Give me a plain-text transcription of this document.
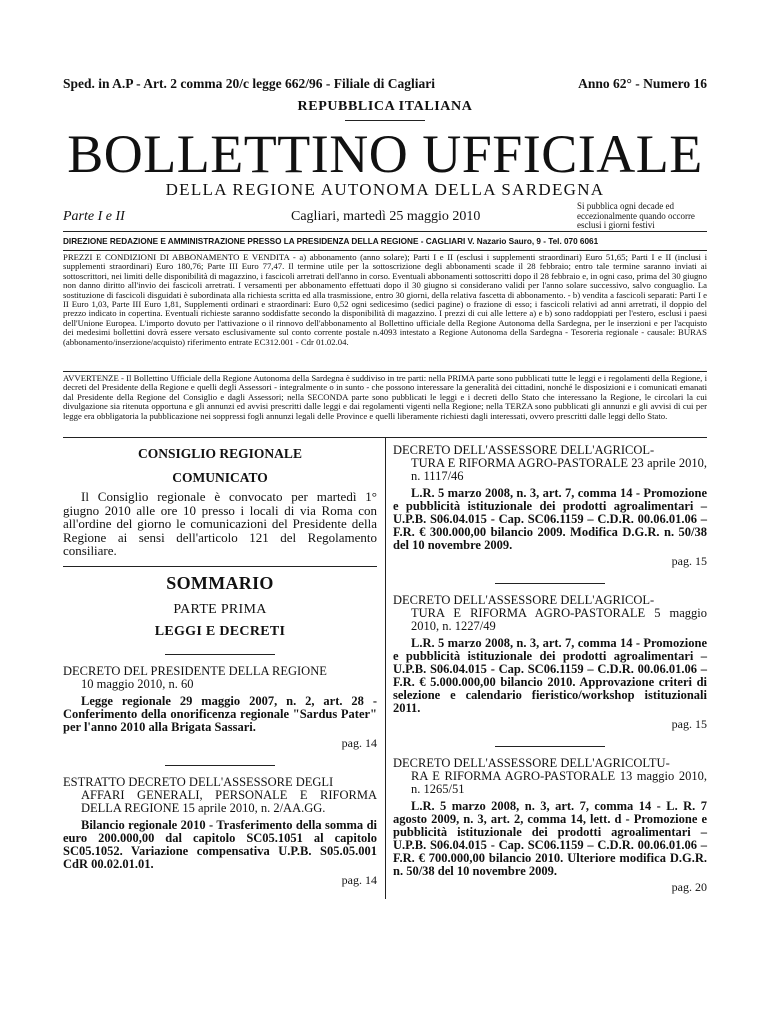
Sped. in A.P - Art. 2 comma 20/c legge 662/96 - Filiale di Cagliari	Anno 62° - Numero 16
REPUBBLICA ITALIANA
BOLLETTINO UFFICIALE
DELLA REGIONE AUTONOMA DELLA SARDEGNA
Parte I e II	Cagliari, martedì 25 maggio 2010
Si pubblica ogni decade ed eccezionalmente quando occorre esclusi i giorni festivi
DIREZIONE REDAZIONE E AMMINISTRAZIONE PRESSO LA PRESIDENZA DELLA REGIONE - CAGLIARI V. Nazario Sauro, 9 - Tel. 070 6061
PREZZI E CONDIZIONI DI ABBONAMENTO E VENDITA - a) abbonamento (anno solare); Parti I e II (esclusi i supplementi straordinari) Euro 51,65; Parti I e II (inclusi i supplementi straordinari) Euro 180,76; Parte III Euro 77,47. Il termine utile per la sottoscrizione degli abbonamenti scade il 28 febbraio; entro tale termine saranno inviati ai sottoscrittori, nei limiti delle disponibilità di magazzino, i fascicoli arretrati dell'anno in corso. Eventuali abbonamenti sottoscritti dopo il 28 febbraio e, in ogni caso, prima del 30 giugno non danno diritto all'invio dei fascicoli arretrati. I versamenti per abbonamento effettuati dopo il 30 giugno si considerano validi per l'anno solare successivo, salvo conguaglio. La sostituzione di fascicoli disguidati è subordinata alla richiesta scritta ed alla trasmissione, entro 30 giorni, della relativa fascetta di abbonamento. - b) vendita a fascicoli separati: Parti I e II Euro 1,03, Parte III Euro 1,81, Supplementi ordinari e straordinari: Euro 0,52 ogni sedicesimo (sedici pagine) o frazione di esso; i fascicoli relativi ad anni arretrati, il doppio del prezzo indicato in copertina. Eventuali richieste saranno soddisfatte secondo la disponibilità di magazzino. I prezzi di cui alle lettere a) e b) sono raddoppiati per l'estero, esclusi i paesi dell'Unione Europea. L'importo dovuto per l'attivazione o il rinnovo dell'abbonamento al Bollettino ufficiale della Regione Autonoma della Sardegna, per le inserzioni e per l'acquisto dei medesimi bollettini dovrà essere versato esclusivamente sul conto corrente postale n.4093 intestato a Regione Autonoma della Sardegna - Tesoreria regionale - causale: BURAS (abbonamento/inserzione/acquisto) riferimento entrate EC312.001 - Cdr 01.02.04.
AVVERTENZE - Il Bollettino Ufficiale della Regione Autonoma della Sardegna è suddiviso in tre parti: nella PRIMA parte sono pubblicati tutte le leggi e i regolamenti della Regione, i decreti del Presidente della Regione e quelli degli Assessori - integralmente o in sunto - che possono interessare la generalità dei cittadini, nonché le disposizioni e i comunicati emanati dal Presidente della Regione del Consiglio e dagli Assessori; nella SECONDA parte sono pubblicati le leggi e i decreti dello Stato che interessano la Regione, le circolari la cui divulgazione sia ritenuta opportuna e gli annunzi ed avvisi prescritti dalle leggi e dai regolamenti vigenti nella Regione; nella TERZA sono pubblicati gli annunzi e gli avvisi di cui per legge era obbligatoria la pubblicazione nei soppressi fogli annunzi legali delle Province e quelli liberamente richiesti dagli interessati, ovvero prescritti dalle leggi dello Stato.
CONSIGLIO REGIONALE
COMUNICATO
Il Consiglio regionale è convocato per martedì 1° giugno 2010 alle ore 10 presso i locali di via Roma con all'ordine del giorno le comunicazioni del Presidente della Regione ai sensi dell'articolo 121 del Regolamento consiliare.
SOMMARIO
PARTE PRIMA
LEGGI E DECRETI
DECRETO DEL PRESIDENTE DELLA REGIONE
10 maggio 2010, n. 60
Legge regionale 29 maggio 2007, n. 2, art. 28 - Conferimento della onorificenza regionale "Sardus Pater" per l'anno 2010 alla Brigata Sassari.
pag. 14
ESTRATTO DECRETO DELL'ASSESSORE DEGLI
AFFARI GENERALI, PERSONALE E RIFORMA DELLA REGIONE 15 aprile 2010, n. 2/AA.GG.
Bilancio regionale 2010 - Trasferimento della somma di euro 200.000,00 dal capitolo SC05.1051 al capitolo SC05.1052. Variazione compensativa U.P.B. S05.05.001 CdR 00.02.01.01.
pag. 14
DECRETO DELL'ASSESSORE DELL'AGRICOL-
TURA E RIFORMA AGRO-PASTORALE 23 aprile 2010, n. 1117/46
L.R. 5 marzo 2008, n. 3, art. 7, comma 14 - Promozione e pubblicità istituzionale dei prodotti agroalimentari – U.P.B. S06.04.015 - Cap. SC06.1159 – C.D.R. 00.06.01.06 – F.R. € 300.000,00 bilancio 2009. Modifica D.G.R. n. 50/38 del 10 novembre 2009.
pag. 15
DECRETO DELL'ASSESSORE DELL'AGRICOL-
TURA E RIFORMA AGRO-PASTORALE 5 maggio 2010, n. 1227/49
L.R. 5 marzo 2008, n. 3, art. 7, comma 14 - Promozione e pubblicità istituzionale dei prodotti agroalimentari – U.P.B. S06.04.015 - Cap. SC06.1159 – C.D.R. 00.06.01.06 – F.R. € 5.000.000,00 bilancio 2010. Approvazione criteri di selezione e calendario fieristico/workshop istituzionali 2011.
pag. 15
DECRETO DELL'ASSESSORE DELL'AGRICOLTU-
RA E RIFORMA AGRO-PASTORALE 13 maggio 2010, n. 1265/51
L.R. 5 marzo 2008, n. 3, art. 7, comma 14 - L. R. 7 agosto 2009, n. 3, art. 2, comma 14, lett. d - Promozione e pubblicità istituzionale dei prodotti agroalimentari – U.P.B. S06.04.015 - Cap. SC06.1159 – C.D.R. 00.06.01.06 – F.R. € 700.000,00 bilancio 2010. Ulteriore modifica D.G.R. n. 50/38 del 10 novembre 2009.
pag. 20
